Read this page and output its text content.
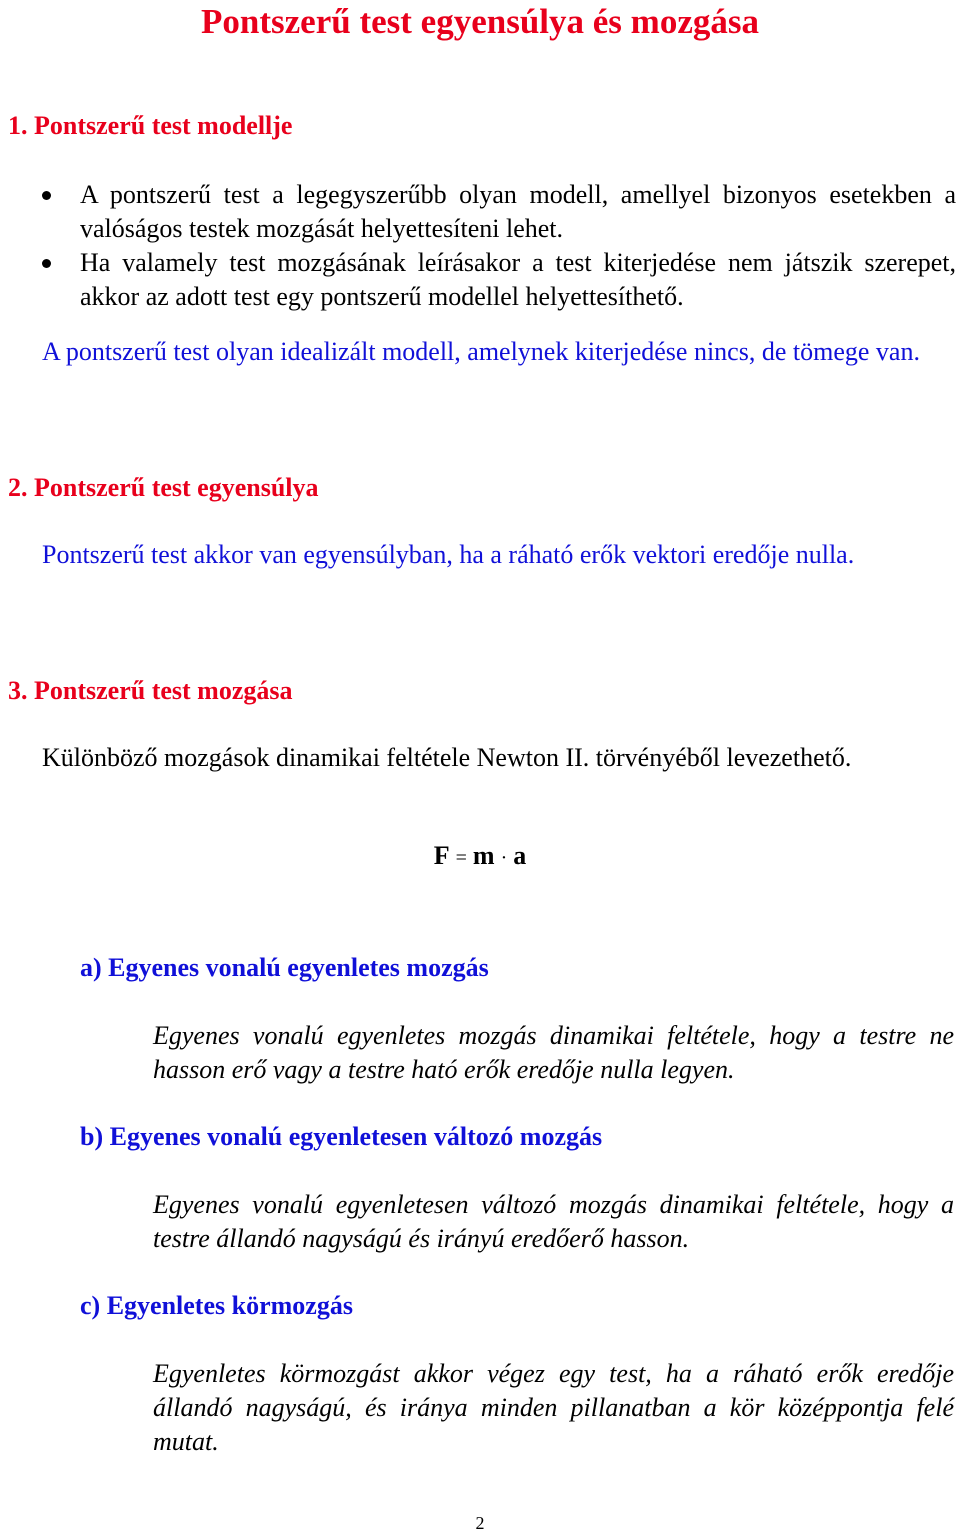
Pontszerű test egyensúlya és mozgása
1. Pontszerű test modellje
A pontszerű test a legegyszerűbb olyan modell, amellyel bizonyos esetekben a valóságos testek mozgását helyettesíteni lehet.
Ha valamely test mozgásának leírásakor a test kiterjedése nem játszik szerepet, akkor az adott test egy pontszerű modellel helyettesíthető.

A pontszerű test olyan idealizált modell, amelynek kiterjedése nincs, de tömege van.

2. Pontszerű test egyensúlya

Pontszerű test akkor van egyensúlyban, ha a ráható erők vektori eredője nulla.

3. Pontszerű test mozgása

Különböző mozgások dinamikai feltétele Newton II. törvényéből levezethető.

F = m · a
a) Egyenes vonalú egyenletes mozgás

Egyenes vonalú egyenletes mozgás dinamikai feltétele, hogy a testre ne hasson erő vagy a testre ható erők eredője nulla legyen.

b) Egyenes vonalú egyenletesen változó mozgás

Egyenes vonalú egyenletesen változó mozgás dinamikai feltétele, hogy a testre állandó nagyságú és irányú eredőerő hasson.

c) Egyenletes körmozgás

Egyenletes körmozgást akkor végez egy test, ha a ráható erők eredője állandó nagyságú, és iránya minden pillanatban a kör középpontja felé mutat.

2
